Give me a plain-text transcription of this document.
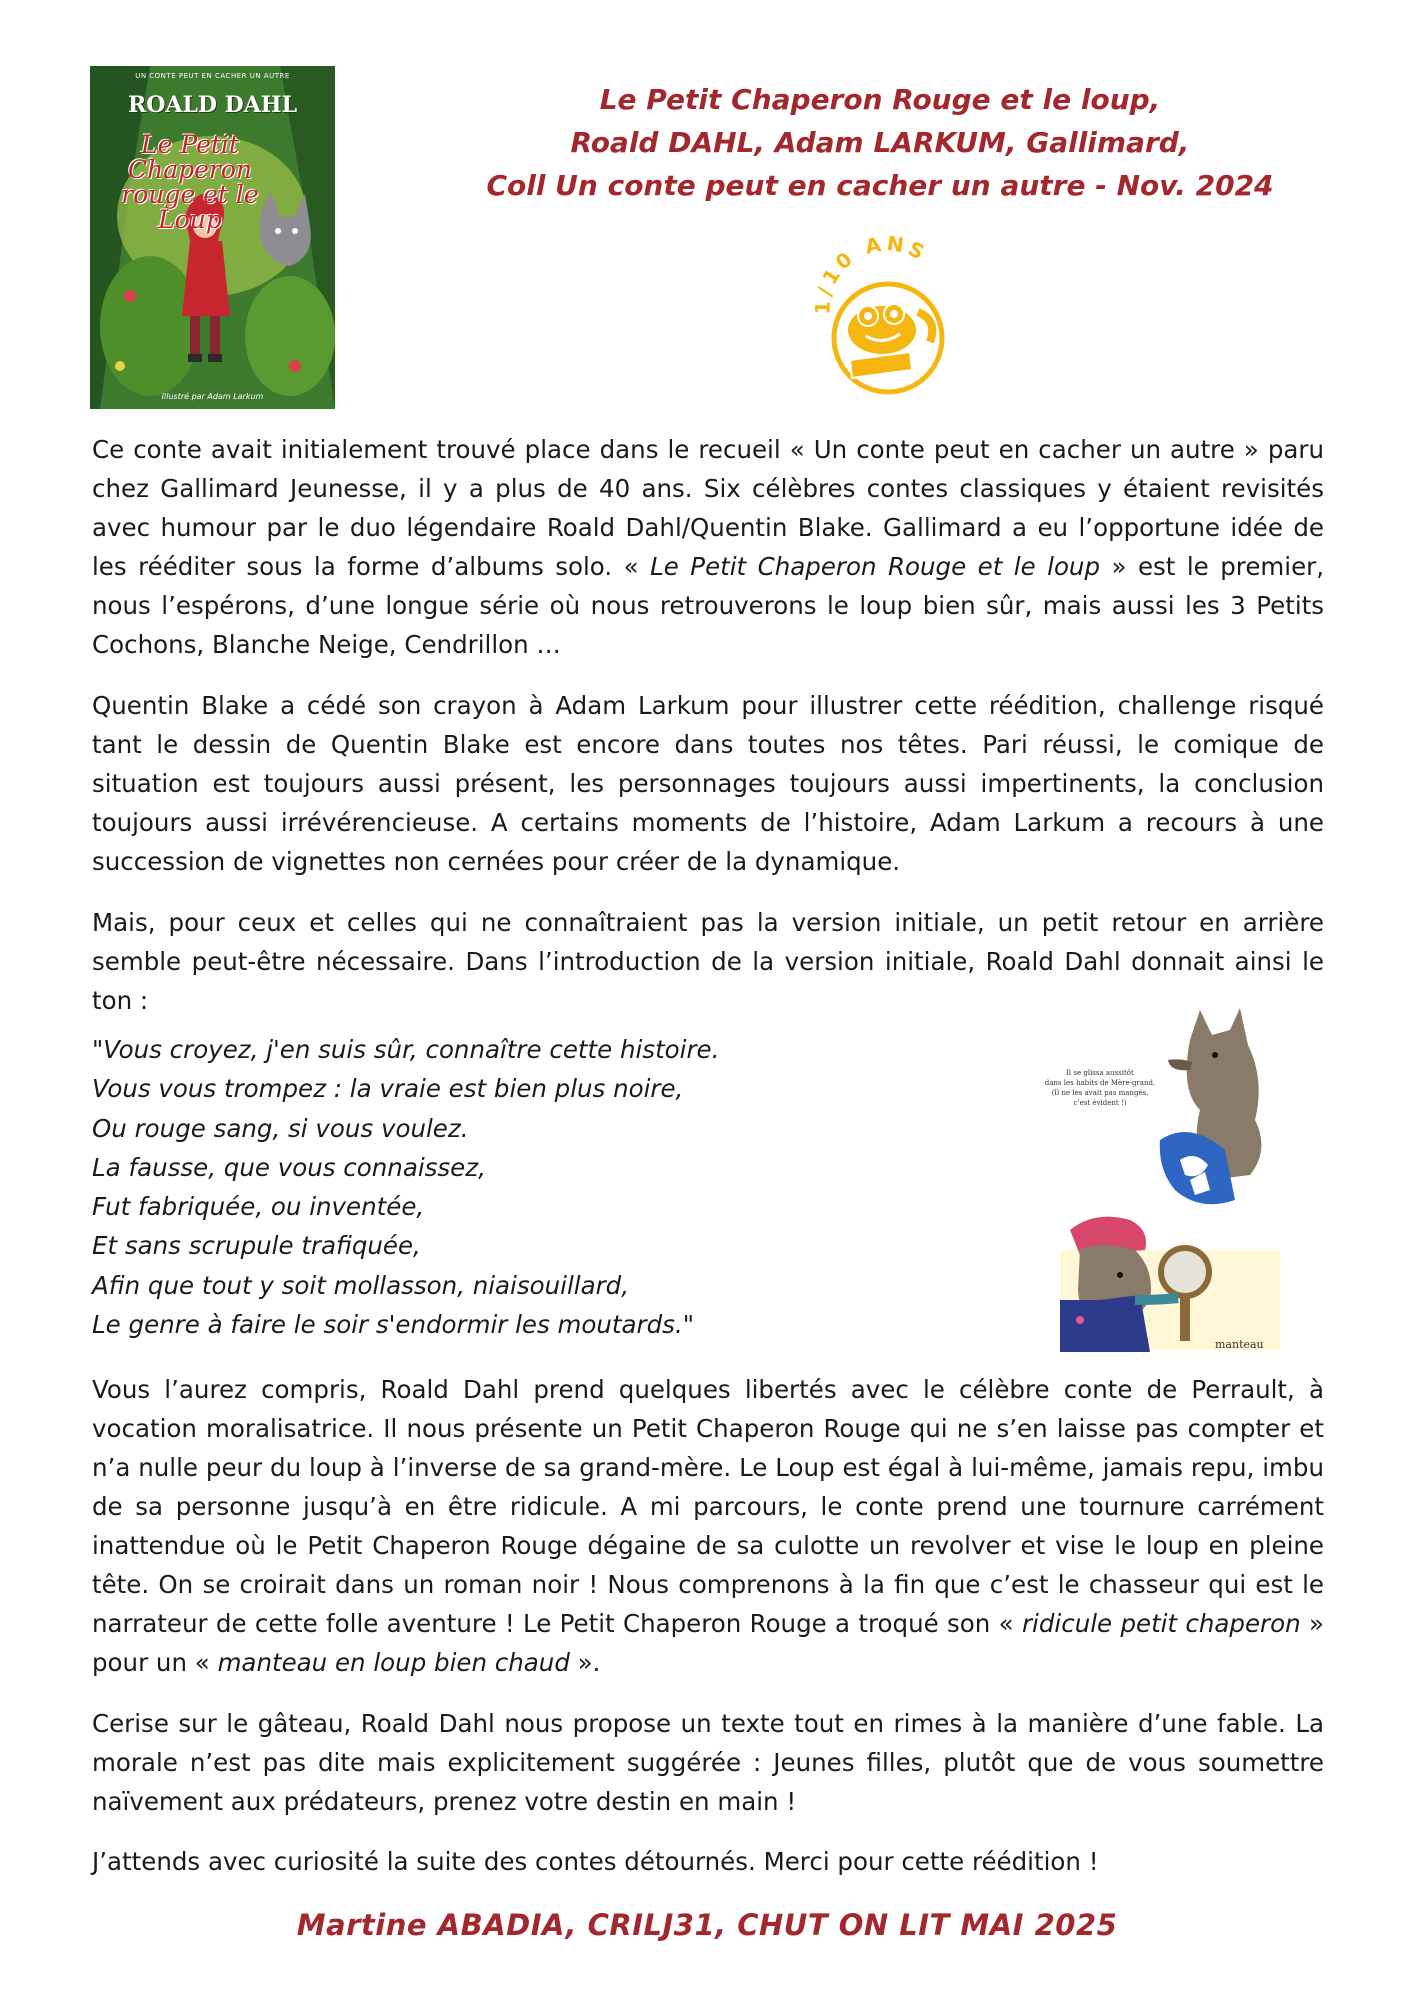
UN CONTE PEUT EN CACHER UN AUTRE
ROALD DAHL
Le Petit Chaperon rouge et le Loup
Illustré par Adam Larkum
Le Petit Chaperon Rouge et le loup,
Roald DAHL, Adam LARKUM, Gallimard,
Coll Un conte peut en cacher un autre - Nov. 2024
1/10 ANS
Ce conte avait initialement trouvé place dans le recueil « Un conte peut en cacher un autre » paru chez Gallimard Jeunesse, il y a plus de 40 ans. Six célèbres contes classiques y étaient revisités avec humour par le duo légendaire Roald Dahl/Quentin Blake. Gallimard a eu l’opportune idée de les rééditer sous la forme d’albums solo. « Le Petit Chaperon Rouge et le loup » est le premier, nous l’espérons, d’une longue série où nous retrouverons le loup bien sûr, mais aussi les 3 Petits Cochons, Blanche Neige, Cendrillon …
Quentin Blake a cédé son crayon à Adam Larkum pour illustrer cette réédition, challenge risqué tant le dessin de Quentin Blake est encore dans toutes nos têtes. Pari réussi, le comique de situation est toujours aussi présent, les personnages toujours aussi impertinents, la conclusion toujours aussi irrévérencieuse. A certains moments de l’histoire, Adam Larkum a recours à une succession de vignettes non cernées pour créer de la dynamique.
Mais, pour ceux et celles qui ne connaîtraient pas la version initiale, un petit retour en arrière semble peut-être nécessaire. Dans l’introduction de la version initiale, Roald Dahl donnait ainsi le ton :
"Vous croyez, j'en suis sûr, connaître cette histoire.
Vous vous trompez : la vraie est bien plus noire,
Ou rouge sang, si vous voulez.
La fausse, que vous connaissez,
Fut fabriquée, ou inventée,
Et sans scrupule trafiquée,
Afin que tout y soit mollasson, niaisouillard,
Le genre à faire le soir s'endormir les moutards."
Il se glissa aussitôt
dans les habits de Mère-grand.
(Il ne les avait pas mangés,
c’est évident !)
manteau
Vous l’aurez compris, Roald Dahl prend quelques libertés avec le célèbre conte de Perrault, à vocation moralisatrice. Il nous présente un Petit Chaperon Rouge qui ne s’en laisse pas compter et n’a nulle peur du loup à l’inverse de sa grand-mère. Le Loup est égal à lui-même, jamais repu, imbu de sa personne jusqu’à en être ridicule. A mi parcours, le conte prend une tournure carrément inattendue où le Petit Chaperon Rouge dégaine de sa culotte un revolver et vise le loup en pleine tête. On se croirait dans un roman noir ! Nous comprenons à la fin que c’est le chasseur qui est le narrateur de cette folle aventure ! Le Petit Chaperon Rouge a troqué son « ridicule petit chaperon » pour un « manteau en loup bien chaud ».
Cerise sur le gâteau, Roald Dahl nous propose un texte tout en rimes à la manière d’une fable. La morale n’est pas dite mais explicitement suggérée : Jeunes filles, plutôt que de vous soumettre naïvement aux prédateurs, prenez votre destin en main !
J’attends avec curiosité la suite des contes détournés. Merci pour cette réédition !
Martine ABADIA, CRILJ31, CHUT ON LIT MAI 2025
